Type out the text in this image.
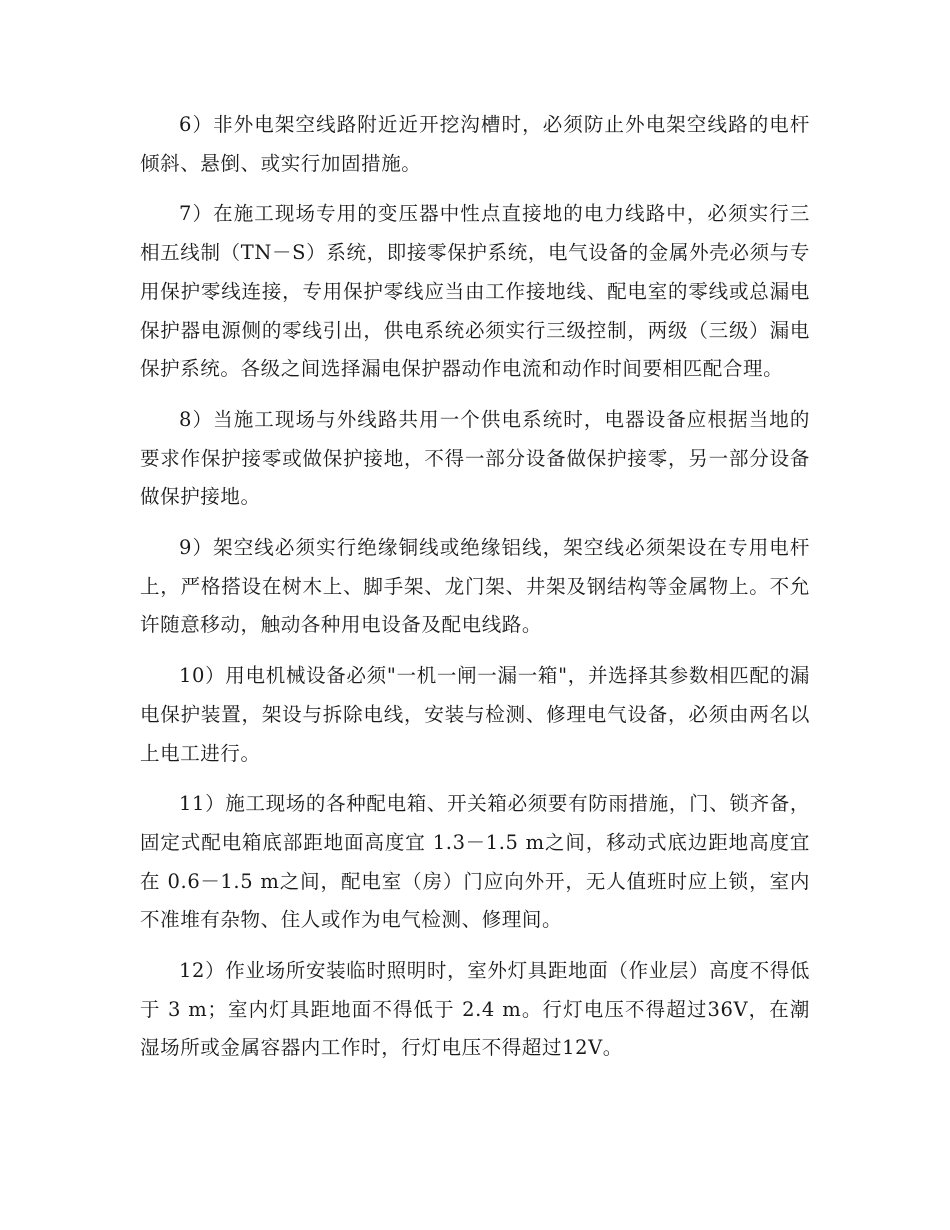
6）非外电架空线路附近近开挖沟槽时，必须防止外电架空线路的电杆倾斜、悬倒、或实行加固措施。

7）在施工现场专用的变压器中性点直接地的电力线路中，必须实行三相五线制（TN－S）系统，即接零保护系统，电气设备的金属外壳必须与专用保护零线连接，专用保护零线应当由工作接地线、配电室的零线或总漏电保护器电源侧的零线引出，供电系统必须实行三级控制，两级（三级）漏电保护系统。各级之间选择漏电保护器动作电流和动作时间要相匹配合理。

8）当施工现场与外线路共用一个供电系统时，电器设备应根据当地的要求作保护接零或做保护接地，不得一部分设备做保护接零，另一部分设备做保护接地。

9）架空线必须实行绝缘铜线或绝缘铝线，架空线必须架设在专用电杆上，严格搭设在树木上、脚手架、龙门架、井架及钢结构等金属物上。不允许随意移动，触动各种用电设备及配电线路。

10）用电机械设备必须"一机一闸一漏一箱"，并选择其参数相匹配的漏电保护装置，架设与拆除电线，安装与检测、修理电气设备，必须由两名以上电工进行。

11）施工现场的各种配电箱、开关箱必须要有防雨措施，门、锁齐备，固定式配电箱底部距地面高度宜 1.3－1.5 m之间，移动式底边距地高度宜在 0.6－1.5 m之间，配电室（房）门应向外开，无人值班时应上锁，室内不准堆有杂物、住人或作为电气检测、修理间。

12）作业场所安装临时照明时，室外灯具距地面（作业层）高度不得低于 3 m；室内灯具距地面不得低于 2.4 m。行灯电压不得超过36V，在潮湿场所或金属容器内工作时，行灯电压不得超过12V。
